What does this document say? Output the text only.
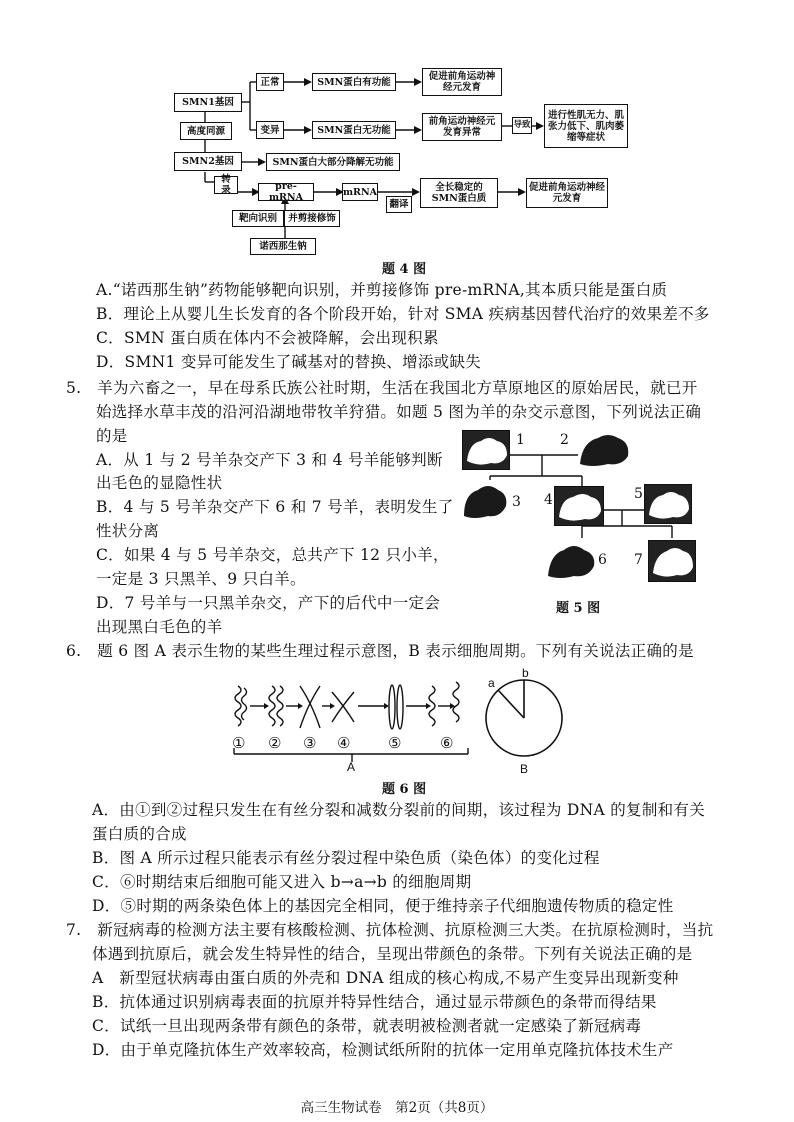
SMN1基因
高度同源
SMN2基因
正常
变异
SMN蛋白有功能
SMN蛋白无功能
促进前角运动神经元发育
前角运动神经元发育异常
导致
进行性肌无力、肌张力低下、肌肉萎缩等症状
SMN蛋白大部分降解无功能
转录	pre-mRNA	mRNA
翻译
全长稳定的SMN蛋白质
促进前角运动神经元发育
靶向识别	并剪接修饰
诺西那生钠
题 4 图
A.“诺西那生钠”药物能够靶向识别，并剪接修饰 pre-mRNA,其本质只能是蛋白质
B．理论上从婴儿生长发育的各个阶段开始，针对 SMA 疾病基因替代治疗的效果差不多
C．SMN 蛋白质在体内不会被降解，会出现积累
D．SMN1 变异可能发生了碱基对的替换、增添或缺失
5.　羊为六畜之一，早在母系氏族公社时期，生活在我国北方草原地区的原始居民，就已开
始选择水草丰茂的沿河沿湖地带牧羊狩猎。如题 5 图为羊的杂交示意图，下列说法正确
的是
A．从 1 与 2 号羊杂交产下 3 和 4 号羊能够判断
出毛色的显隐性状
B．4 与 5 号羊杂交产下 6 和 7 号羊，表明发生了
性状分离
C．如果 4 与 5 号羊杂交，总共产下 12 只小羊，
一定是 3 只黑羊、9 只白羊。
D．7 号羊与一只黑羊杂交，产下的后代中一定会
出现黑白毛色的羊
1	2
3 4	5
6 7
题 5 图
6.　题 6 图 A 表示生物的某些生理过程示意图，B 表示细胞周期。下列有关说法正确的是
① ② ③ ④	⑤	⑥
A
a
b
B
题 6 图
A．由①到②过程只发生在有丝分裂和减数分裂前的间期，该过程为 DNA 的复制和有关
蛋白质的合成
B．图 A 所示过程只能表示有丝分裂过程中染色质（染色体）的变化过程
C．⑥时期结束后细胞可能又进入 b→a→b 的细胞周期
D．⑤时期的两条染色体上的基因完全相同，便于维持亲子代细胞遗传物质的稳定性
7.　新冠病毒的检测方法主要有核酸检测、抗体检测、抗原检测三大类。在抗原检测时，当抗
体遇到抗原后，就会发生特异性的结合，呈现出带颜色的条带。下列有关说法正确的是
A　新型冠状病毒由蛋白质的外壳和 DNA 组成的核心构成,不易产生变异出现新变种
B．抗体通过识别病毒表面的抗原并特异性结合，通过显示带颜色的条带而得结果
C．试纸一旦出现两条带有颜色的条带，就表明被检测者就一定感染了新冠病毒
D．由于单克隆抗体生产效率较高，检测试纸所附的抗体一定用单克隆抗体技术生产
高三生物试卷　第2页（共8页）
